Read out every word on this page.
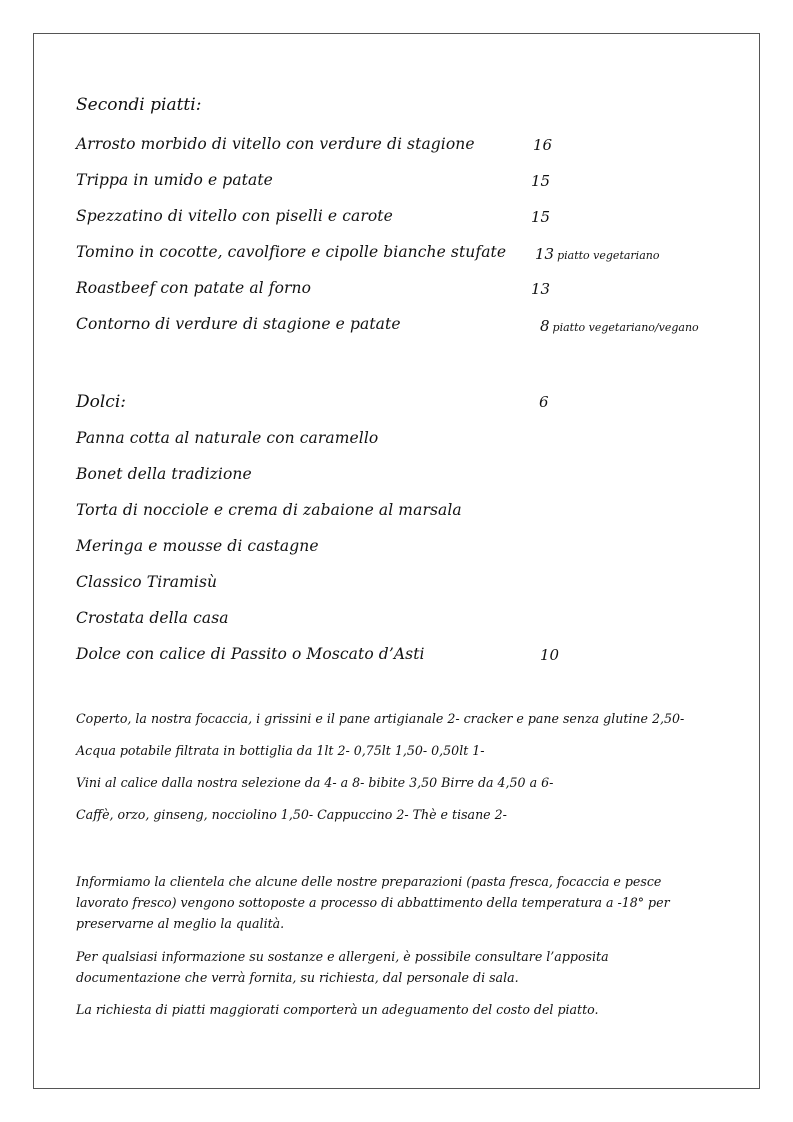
Secondi piatti:
Arrosto morbido di vitello con verdure di stagione	16
Trippa in umido e patate	15
Spezzatino di vitello con piselli e carote	15
Tomino in cocotte, cavolfiore e cipolle bianche stufate 13 piatto vegetariano
Roastbeef con patate al forno	13
Contorno di verdure di stagione e patate	8 piatto vegetariano/vegano
Dolci:	6
Panna cotta al naturale con caramello
Bonet della tradizione
Torta di nocciole e crema di zabaione al marsala
Meringa e mousse di castagne
Classico Tiramisù
Crostata della casa
Dolce con calice di Passito o Moscato d’Asti	10
Coperto, la nostra focaccia, i grissini e il pane artigianale 2- cracker e pane senza glutine 2,50-
Acqua potabile filtrata in bottiglia da 1lt 2- 0,75lt 1,50- 0,50lt 1-
Vini al calice dalla nostra selezione da 4- a 8- bibite 3,50 Birre da 4,50 a 6-
Caffè, orzo, ginseng, nocciolino 1,50- Cappuccino 2- Thè e tisane 2-
Informiamo la clientela che alcune delle nostre preparazioni (pasta fresca, focaccia e pesce lavorato fresco) vengono sottoposte a processo di abbattimento della temperatura a -18° per preservarne al meglio la qualità.
Per qualsiasi informazione su sostanze e allergeni, è possibile consultare l’apposita documentazione che verrà fornita, su richiesta, dal personale di sala.
La richiesta di piatti maggiorati comporterà un adeguamento del costo del piatto.
